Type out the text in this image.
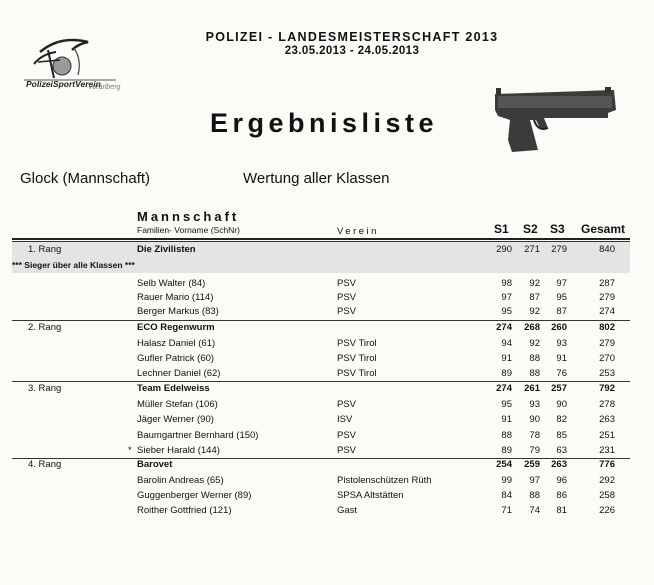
POLIZEI - LANDESMEISTERSCHAFT 2013
23.05.2013 - 24.05.2013
PolizeiSportVerein
Vorarlberg
Ergebnisliste
Glock (Mannschaft)	Wertung aller Klassen
Mannschaft
Familien- Vorname (SchNr)	Verein	S1 S2 S3 Gesamt
1. Rang	Die Zivilisten	290	271	279	840
*** Sieger über alle Klassen ***
Selb Walter (84)	PSV	98	92	97	287
Rauer Mario (114)	PSV	97	87	95	279
Berger Markus (83)	PSV	95	92	87	274
2. Rang	ECO Regenwurm	274	268	260	802
Halasz Daniel (61)	PSV Tirol	94	92	93	279
Gufler Patrick (60)	PSV Tirol	91	88	91	270
Lechner Daniel (62)	PSV Tirol	89	88	76	253
3. Rang	Team Edelweiss	274	261	257	792
Müller Stefan (106)	PSV	95	93	90	278
Jäger Werner (90)	ISV	91	90	82	263
Baumgartner Bernhard (150)	PSV	88	78	85	251
* Sieber Harald (144)	PSV	89	79	63	231
4. Rang	Barovet	254	259	263	776
Barolin Andreas (65)	Pistolenschützen Rüth	99	97	96	292
Guggenberger Werner (89)	SPSA Altstätten	84	88	86	258
Roither Gottfried (121)	Gast	71	74	81	226
